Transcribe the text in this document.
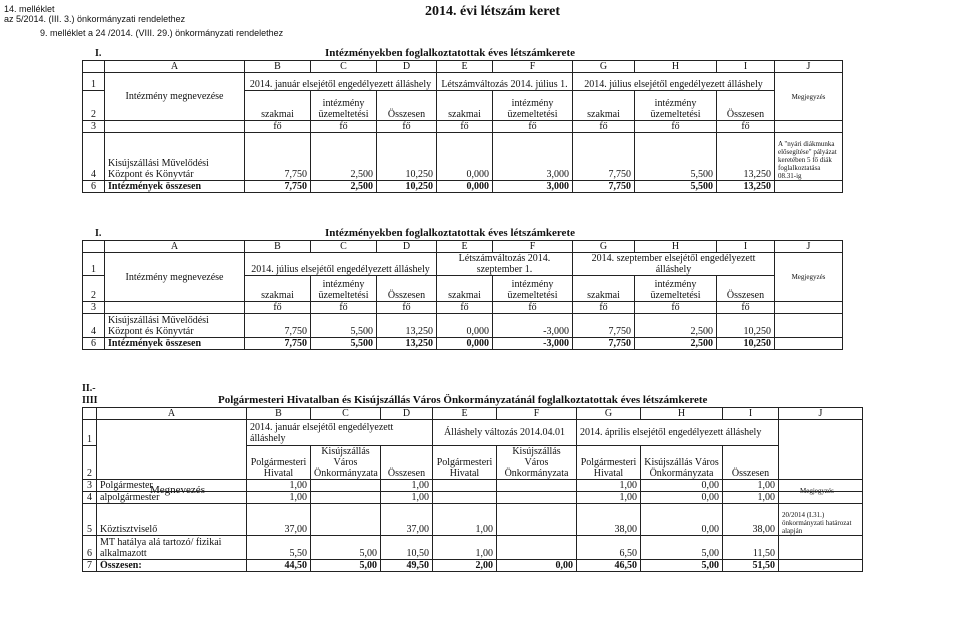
14. melléklet
az 5/2014. (III. 3.) önkormányzati rendelethez
9. melléklet a 24 /2014. (VIII. 29.) önkormányzati rendelethez
2014. évi létszám keret
I.	Intézményekben foglalkoztatottak éves létszámkerete
	A	B	C	D	E	F	G	H	I	J
1	Intézmény megnevezése	2014. január elsejétől engedélyezett álláshely			Létszámváltozás 2014. július 1.		2014. július elsejétől engedélyezett álláshely			Megjegyzés
2		szakmai	intézmény üzemeltetési	Összesen	szakmai	intézmény üzemeltetési	szakmai	intézmény üzemeltetési	Összesen	
3		fő	fő	fő	fő	fő	fő	fő	fő	
4	Kisújszállási Művelődési Központ és Könyvtár	7,750	2,500	10,250	0,000	3,000	7,750	5,500	13,250	A "nyári diákmunka elősegítése" pályázat keretében 5 fő diák foglalkoztatása 08.31-ig
6	Intézmények összesen	7,750	2,500	10,250	0,000	3,000	7,750	5,500	13,250	
I.	Intézményekben foglalkoztatottak éves létszámkerete
	A	B	C	D	E	F	G	H	I	J
1	Intézmény megnevezése	2014. július elsejétől engedélyezett álláshely			Létszámváltozás 2014. szeptember 1.		2014. szeptember elsejétől engedélyezett álláshely			Megjegyzés
2		szakmai	intézmény üzemeltetési	Összesen	szakmai	intézmény üzemeltetési	szakmai	intézmény üzemeltetési	Összesen	
3		fő	fő	fő	fő	fő	fő	fő	fő	
4	Kisújszállási Művelődési Központ és Könyvtár	7,750	5,500	13,250	0,000	-3,000	7,750	2,500	10,250	
6	Intézmények összesen	7,750	5,500	13,250	0,000	-3,000	7,750	2,500	10,250	
II.-
IIII	Polgármesteri Hivatalban és Kisújszállás Város Önkormányzatánál foglalkoztatottak éves létszámkerete
	A	B	C	D	E	F	G	H	I	J
1		2014. január elsejétől engedélyezett álláshely			Álláshely változás 2014.04.01		2014. április elsejétől engedélyezett álláshely			
2		Polgármesteri Hivatal	Kisújszállás Város Önkormányzata	Összesen	Polgármesteri Hivatal	Kisújszállás Város Önkormányzata	Polgármesteri Hivatal	Kisújszállás Város Önkormányzata	Összesen	
3	Polgármester	1,00		1,00			1,00	0,00	1,00	
4	alpolgármester	1,00		1,00			1,00	0,00	1,00	
5	Köztisztviselő	37,00		37,00	1,00		38,00	0,00	38,00	20/2014 (I.31.) önkormányzati határozat alapján
6	MT hatálya alá tartozó/ fizikai alkalmazott	5,50	5,00	10,50	1,00		6,50	5,00	11,50	
7	Összesen:	44,50	5,00	49,50	2,00	0,00	46,50	5,00	51,50	
Megnevezés	Megjegyzés
